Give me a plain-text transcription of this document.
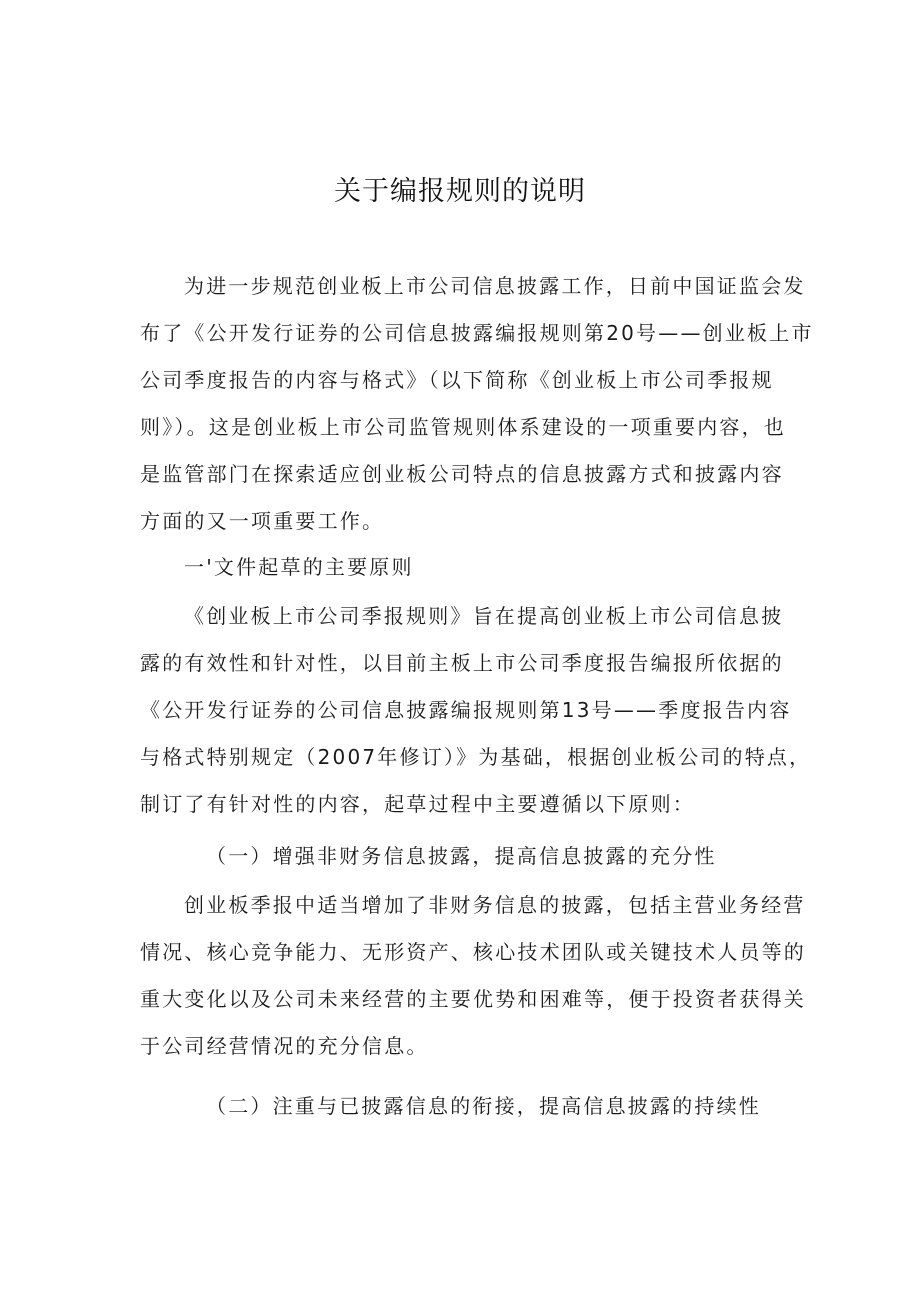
关于编报规则的说明
为进一步规范创业板上市公司信息披露工作，日前中国证监会发
布了《公开发行证券的公司信息披露编报规则第20号——创业板上市
公司季度报告的内容与格式》（以下简称《创业板上市公司季报规
则》）。这是创业板上市公司监管规则体系建设的一项重要内容，也
是监管部门在探索适应创业板公司特点的信息披露方式和披露内容
方面的又一项重要工作。
一'文件起草的主要原则
《创业板上市公司季报规则》旨在提高创业板上市公司信息披
露的有效性和针对性，以目前主板上市公司季度报告编报所依据的
《公开发行证券的公司信息披露编报规则第13号——季度报告内容
与格式特别规定（2007年修订）》为基础，根据创业板公司的特点，
制订了有针对性的内容，起草过程中主要遵循以下原则：
（一）增强非财务信息披露，提高信息披露的充分性
创业板季报中适当增加了非财务信息的披露，包括主营业务经营
情况、核心竞争能力、无形资产、核心技术团队或关键技术人员等的
重大变化以及公司未来经营的主要优势和困难等，便于投资者获得关
于公司经营情况的充分信息。
（二）注重与已披露信息的衔接，提高信息披露的持续性
